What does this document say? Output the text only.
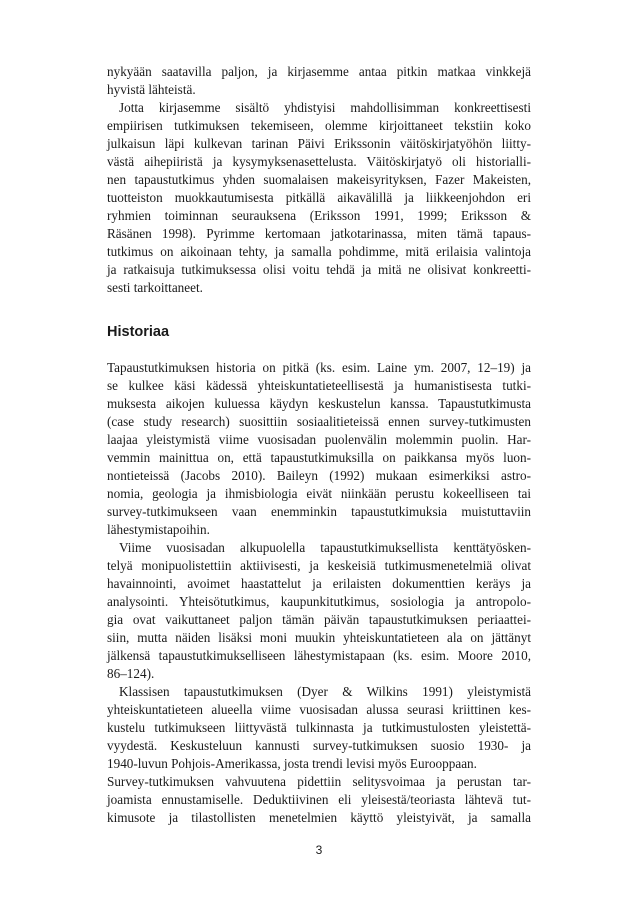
nykyään saatavilla paljon, ja kirjasemme antaa pitkin matkaa vinkkejä
hyvistä lähteistä.
Jotta kirjasemme sisältö yhdistyisi mahdollisimman konkreettisesti
empiirisen tutkimuksen tekemiseen, olemme kirjoittaneet tekstiin koko
julkaisun läpi kulkevan tarinan Päivi Erikssonin väitöskirjatyöhön liitty-
västä aihepiiristä ja kysymyksenasettelusta. Väitöskirjatyö oli historialli-
nen tapaustutkimus yhden suomalaisen makeisyrityksen, Fazer Makeisten,
tuotteiston muokkautumisesta pitkällä aikavälillä ja liikkeenjohdon eri
ryhmien toiminnan seurauksena (Eriksson 1991, 1999; Eriksson &
Räsänen 1998). Pyrimme kertomaan jatkotarinassa, miten tämä tapaus-
tutkimus on aikoinaan tehty, ja samalla pohdimme, mitä erilaisia valintoja
ja ratkaisuja tutkimuksessa olisi voitu tehdä ja mitä ne olisivat konkreetti-
sesti tarkoittaneet.
Historiaa
Tapaustutkimuksen historia on pitkä (ks. esim. Laine ym. 2007, 12–19) ja
se kulkee käsi kädessä yhteiskuntatieteellisestä ja humanistisesta tutki-
muksesta aikojen kuluessa käydyn keskustelun kanssa. Tapaustutkimusta
(case study research) suosittiin sosiaalitieteissä ennen survey-tutkimusten
laajaa yleistymistä viime vuosisadan puolenvälin molemmin puolin. Har-
vemmin mainittua on, että tapaustutkimuksilla on paikkansa myös luon-
nontieteissä (Jacobs 2010). Baileyn (1992) mukaan esimerkiksi astro-
nomia, geologia ja ihmisbiologia eivät niinkään perustu kokeelliseen tai
survey-tutkimukseen vaan enemminkin tapaustutkimuksia muistuttaviin
lähestymistapoihin.
Viime vuosisadan alkupuolella tapaustutkimuksellista kenttätyösken-
telyä monipuolistettiin aktiivisesti, ja keskeisiä tutkimusmenetelmiä olivat
havainnointi, avoimet haastattelut ja erilaisten dokumenttien keräys ja
analysointi. Yhteisötutkimus, kaupunkitutkimus, sosiologia ja antropolo-
gia ovat vaikuttaneet paljon tämän päivän tapaustutkimuksen periaattei-
siin, mutta näiden lisäksi moni muukin yhteiskuntatieteen ala on jättänyt
jälkensä tapaustutkimukselliseen lähestymistapaan (ks. esim. Moore 2010,
86–124).
Klassisen tapaustutkimuksen (Dyer & Wilkins 1991) yleistymistä
yhteiskuntatieteen alueella viime vuosisadan alussa seurasi kriittinen kes-
kustelu tutkimukseen liittyvästä tulkinnasta ja tutkimustulosten yleistettä-
vyydestä. Keskusteluun kannusti survey-tutkimuksen suosio 1930- ja
1940-luvun Pohjois-Amerikassa, josta trendi levisi myös Eurooppaan.
Survey-tutkimuksen vahvuutena pidettiin selitysvoimaa ja perustan tar-
joamista ennustamiselle. Deduktiivinen eli yleisestä/teoriasta lähtevä tut-
kimusote ja tilastollisten menetelmien käyttö yleistyivät, ja samalla
3
